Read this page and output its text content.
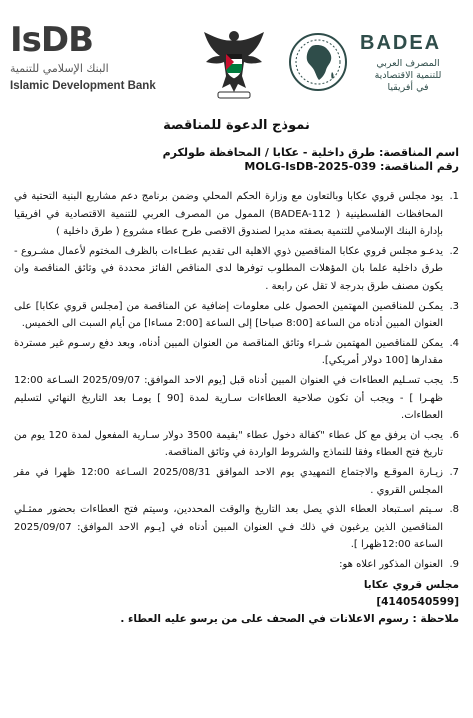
IsDB
البنك الإسلامي للتنمية
Islamic Development Bank
BADEA
المصرف العربي
للتنمية الاقتصادية
في أفريقيا
نموذج الدعوة للمناقصة
اسم المناقصة: طرق داخلية - عكابا / المحافظة طولكرم
رقم المناقصة: MOLG-IsDB-2025-039
1.
يود مجلس قروي عكابا وبالتعاون مع وزارة الحكم المحلي وضمن برنامج دعم مشاريع البنية التحتية في المحافظات الفلسطينية ( BADEA-112) الممول من المصرف العربي للتنمية الاقتصادية في افريقيا بإدارة البنك الإسلامي للتنمية بصفته مديرا لصندوق الاقصى طرح عطاء مشروع ( طرق داخلية )
2.
يدعـو مجلس قروي عكابا المناقصين ذوي الاهلية الى تقديم عطـاءات بالظرف المختوم لأعمال مشـروع - طرق داخلية علما بان المؤهلات المطلوب توفرها لدى المناقص الفائز محددة في وثائق المناقصة وان يكون مصنف طرق بدرجة لا تقل عن رابعة .
3.
يمكـن للمناقصين المهتمين الحصول على معلومات إضافية عن المناقصة من [مجلس قروي عكابا] على العنوان المبين أدناه من الساعة [8:00 صباحا] إلى الساعة [2:00 مساءا] من أيام السبت الى الخميس.
4.
يمكن للمناقصين المهتمين شـراء وثائق المناقصة من العنوان المبين أدناه، وبعد دفع رسـوم غير مستردة مقدارها [100 دولار أمريكي].
5.
يجب تسـليم العطاءات في العنوان المبين أدناه قبل [يوم الاحد الموافق: 2025/09/07 السـاعة 12:00 ظهـرا ] - ويجب أن تكون صلاحية العطاءات سـارية لمدة [90 ] يومـا بعد التاريخ النهائي لتسليم العطاءات.
6.
يجب ان يرفق مع كل عطاء "كفالة دخول عطاء "بقيمة 3500 دولار سـارية المفعول لمدة 120 يوم من تاريخ فتح العطاء وفقا للنماذج والشروط الواردة في وثائق المناقصة.
7.
زيـارة الموقـع والاجتماع التمهيدي يوم الاحد الموافق 2025/08/31 السـاعة 12:00 ظهرا في مقر المجلس القروي .
8.
سـيتم اسـتبعاد العطاء الذي يصل بعد التاريخ والوقت المحددين، وسيتم فتح العطاءات بحضور ممثـلي المناقصين الذين يرغبون في ذلك فـي العنوان المبين أدناه في [يـوم الاحد الموافق: 2025/09/07 الساعة 12:00ظهرا ].
9.
العنوان المذكور اعلاه هو:
مجلس قروي عكابا
[4140540599]
ملاحظة : رسوم الاعلانات في الصحف على من يرسو عليه العطاء .
